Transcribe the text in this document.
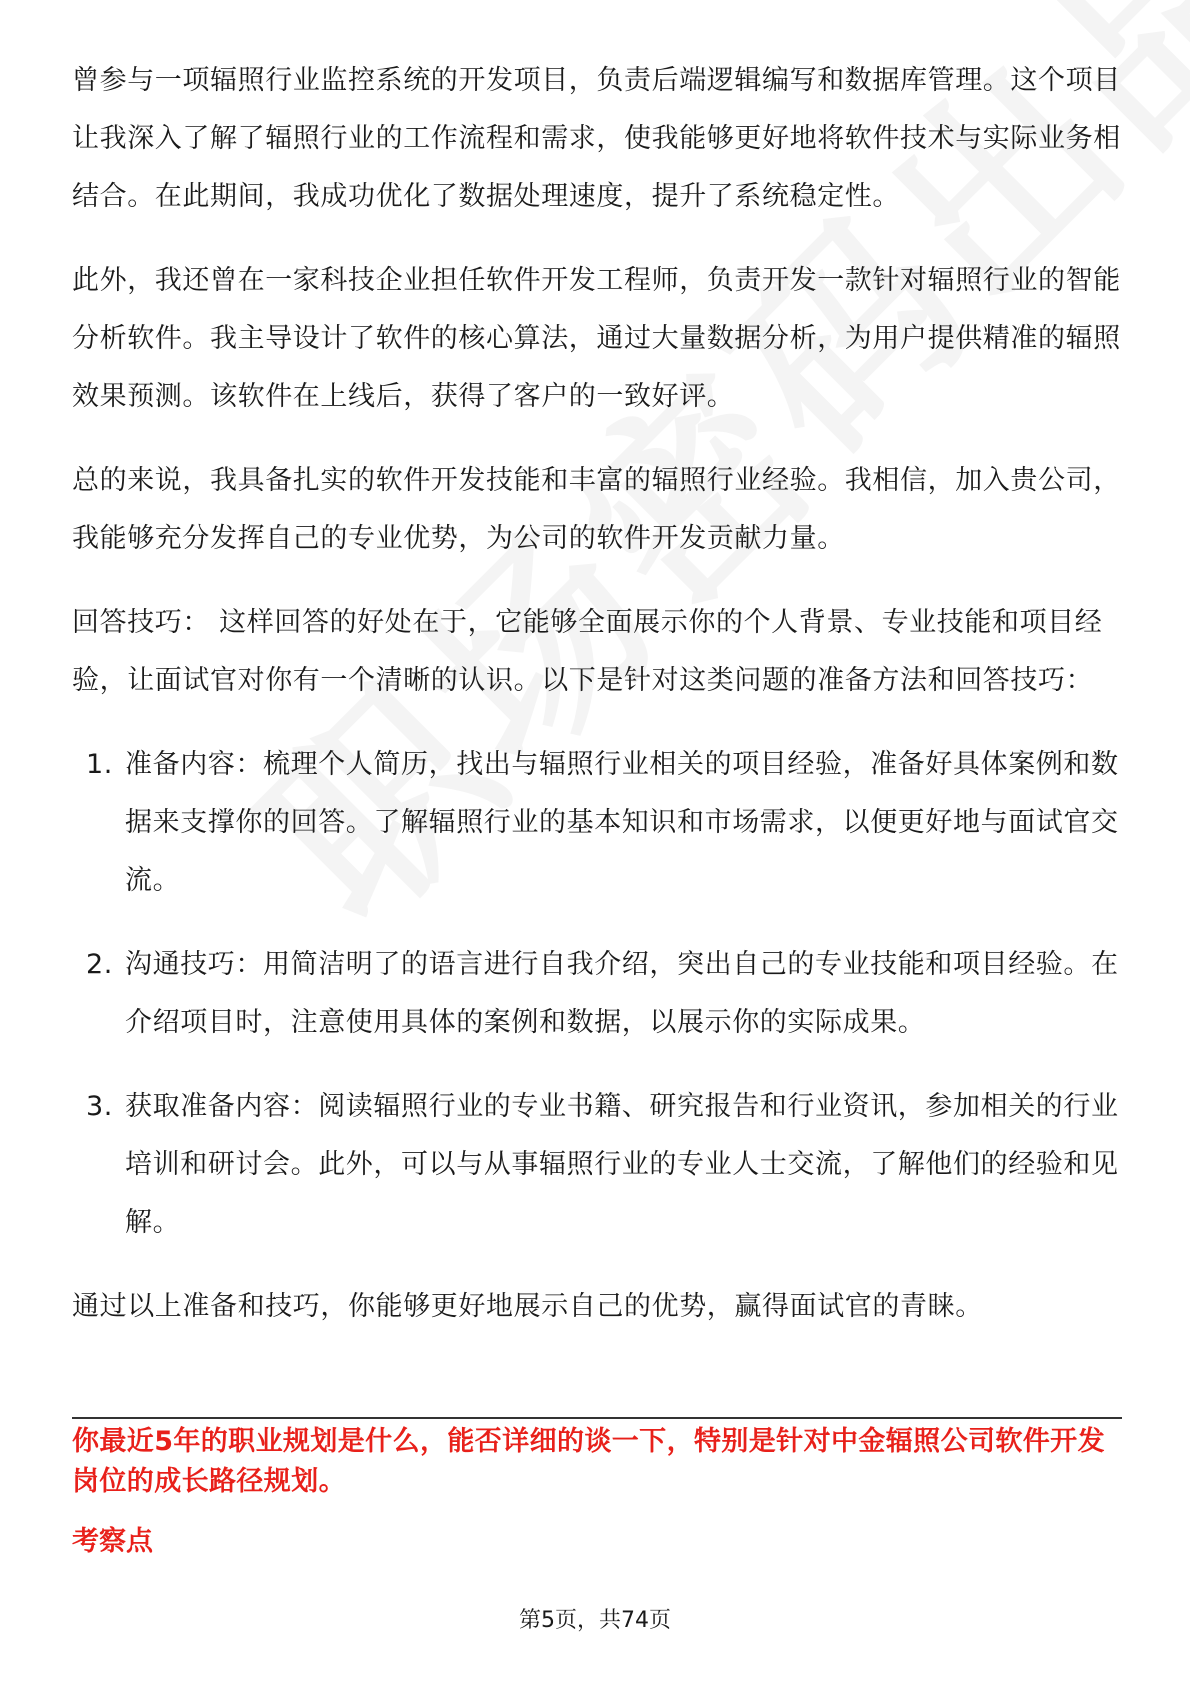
曾参与一项辐照行业监控系统的开发项目，负责后端逻辑编写和数据库管理。这个项目让我深入了解了辐照行业的工作流程和需求，使我能够更好地将软件技术与实际业务相结合。在此期间，我成功优化了数据处理速度，提升了系统稳定性。

此外，我还曾在一家科技企业担任软件开发工程师，负责开发一款针对辐照行业的智能分析软件。我主导设计了软件的核心算法，通过大量数据分析，为用户提供精准的辐照效果预测。该软件在上线后，获得了客户的一致好评。

总的来说，我具备扎实的软件开发技能和丰富的辐照行业经验。我相信，加入贵公司，我能够充分发挥自己的专业优势，为公司的软件开发贡献力量。

回答技巧： 这样回答的好处在于，它能够全面展示你的个人背景、专业技能和项目经验，让面试官对你有一个清晰的认识。以下是针对这类问题的准备方法和回答技巧：

1. 准备内容：梳理个人简历，找出与辐照行业相关的项目经验，准备好具体案例和数据来支撑你的回答。了解辐照行业的基本知识和市场需求，以便更好地与面试官交流。
2. 沟通技巧：用简洁明了的语言进行自我介绍，突出自己的专业技能和项目经验。在介绍项目时，注意使用具体的案例和数据，以展示你的实际成果。
3. 获取准备内容：阅读辐照行业的专业书籍、研究报告和行业资讯，参加相关的行业培训和研讨会。此外，可以与从事辐照行业的专业人士交流，了解他们的经验和见解。

通过以上准备和技巧，你能够更好地展示自己的优势，赢得面试官的青睐。

你最近5年的职业规划是什么，能否详细的谈一下，特别是针对中金辐照公司软件开发岗位的成长路径规划。
考察点
第5页，共74页
